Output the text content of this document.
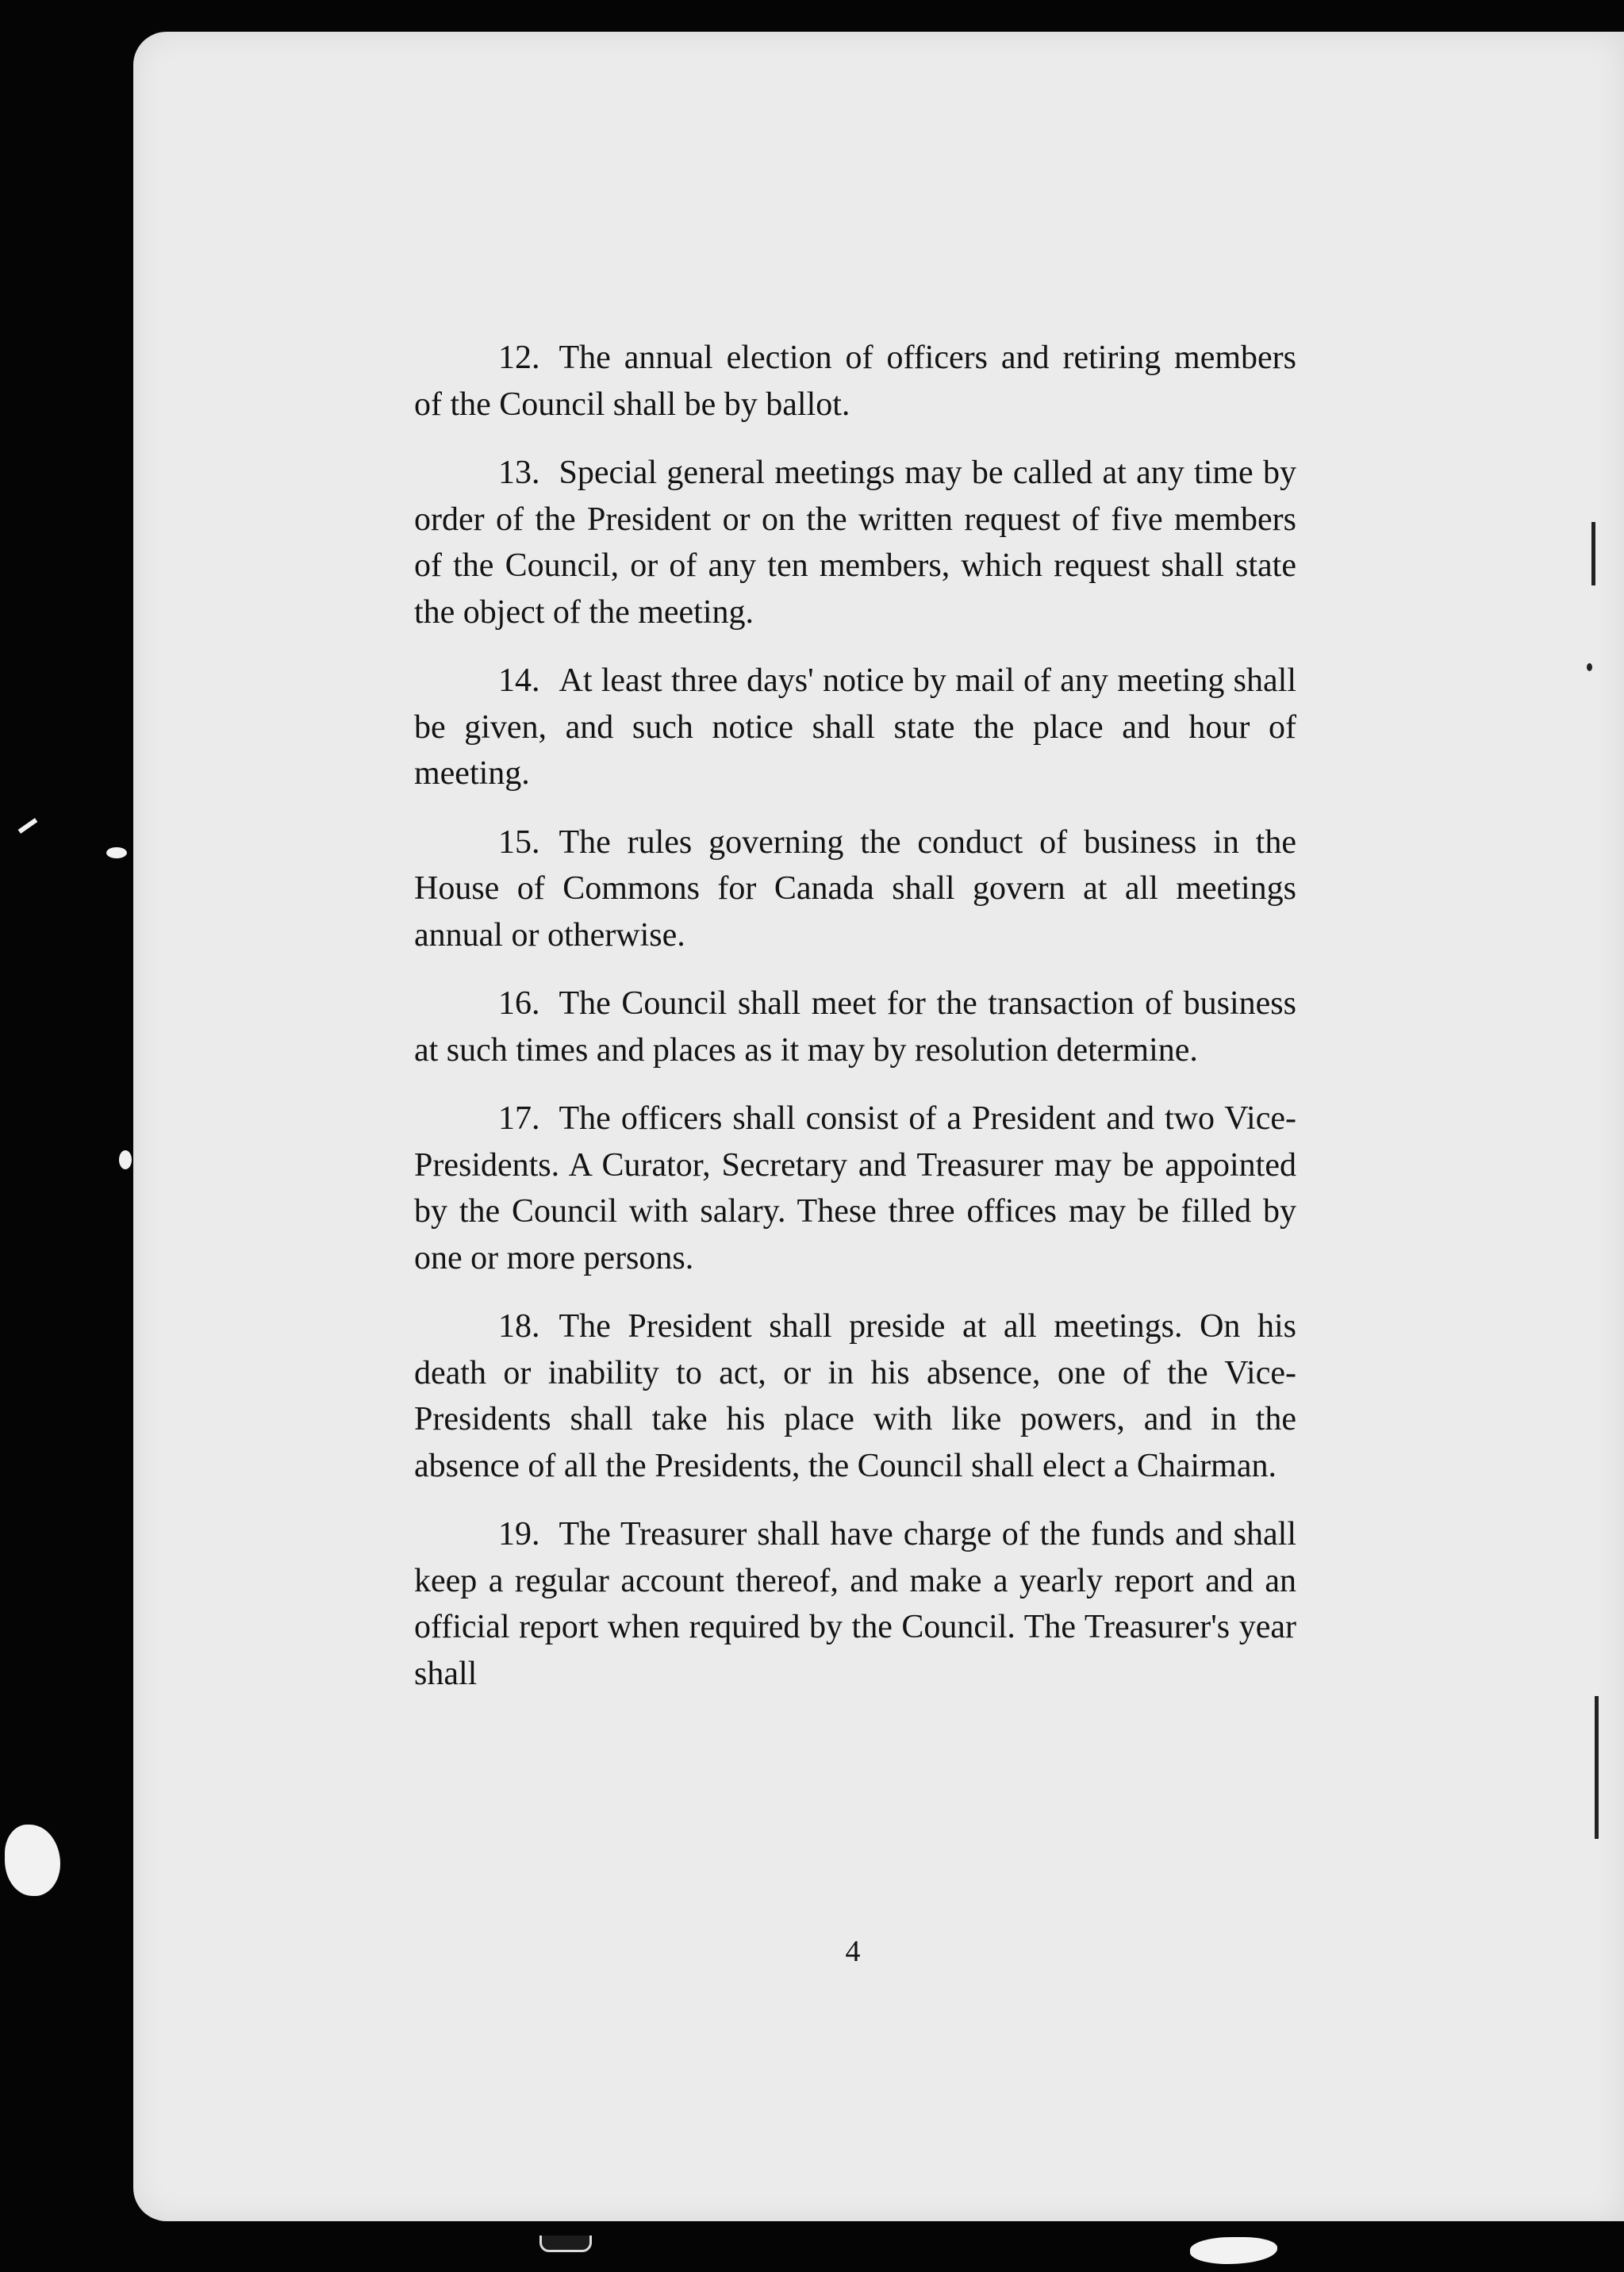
12. The annual election of officers and retiring members of the Council shall be by ballot.

13. Special general meetings may be called at any time by order of the President or on the written request of five members of the Council, or of any ten members, which request shall state the object of the meeting.

14. At least three days' notice by mail of any meeting shall be given, and such notice shall state the place and hour of meeting.

15. The rules governing the conduct of business in the House of Commons for Canada shall govern at all meetings annual or otherwise.

16. The Council shall meet for the transaction of business at such times and places as it may by resolution determine.

17. The officers shall consist of a President and two Vice-Presidents. A Curator, Secretary and Treasurer may be appointed by the Council with salary. These three offices may be filled by one or more persons.

18. The President shall preside at all meetings. On his death or inability to act, or in his absence, one of the Vice-Presidents shall take his place with like powers, and in the absence of all the Presidents, the Council shall elect a Chairman.

19. The Treasurer shall have charge of the funds and shall keep a regular account thereof, and make a yearly report and an official report when required by the Council. The Treasurer's year shall

4
